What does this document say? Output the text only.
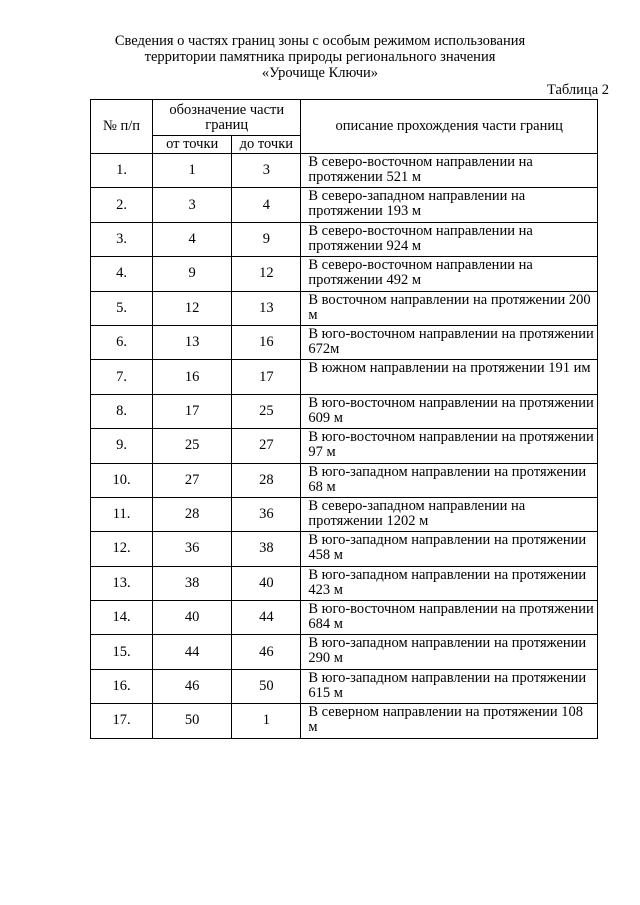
Сведения о частях границ зоны с особым режимом использования
территории памятника природы регионального значения
«Урочище Ключи»
Таблица 2
№ п/п	обозначение части границ		описание прохождения части границ
	от точки	до точки	
1.	1	3	В северо-восточном направлении на протяжении 521 м
2.	3	4	В северо-западном направлении на протяжении 193 м
3.	4	9	В северо-восточном направлении на протяжении 924 м
4.	9	12	В северо-восточном направлении на протяжении 492 м
5.	12	13	В восточном направлении на протяжении 200 м
6.	13	16	В юго-восточном направлении на протяжении 672м
7.	16	17	В южном направлении на протяжении 191 им
8.	17	25	В юго-восточном направлении на протяжении 609 м
9.	25	27	В юго-восточном направлении на протяжении 97 м
10.	27	28	В юго-западном направлении на протяжении 68 м
11.	28	36	В северо-западном направлении на протяжении 1202 м
12.	36	38	В юго-западном направлении на протяжении 458 м
13.	38	40	В юго-западном направлении на протяжении 423 м
14.	40	44	В юго-восточном направлении на протяжении 684 м
15.	44	46	В юго-западном направлении на протяжении 290 м
16.	46	50	В юго-западном направлении на протяжении 615 м
17.	50	1	В северном направлении на протяжении 108 м
